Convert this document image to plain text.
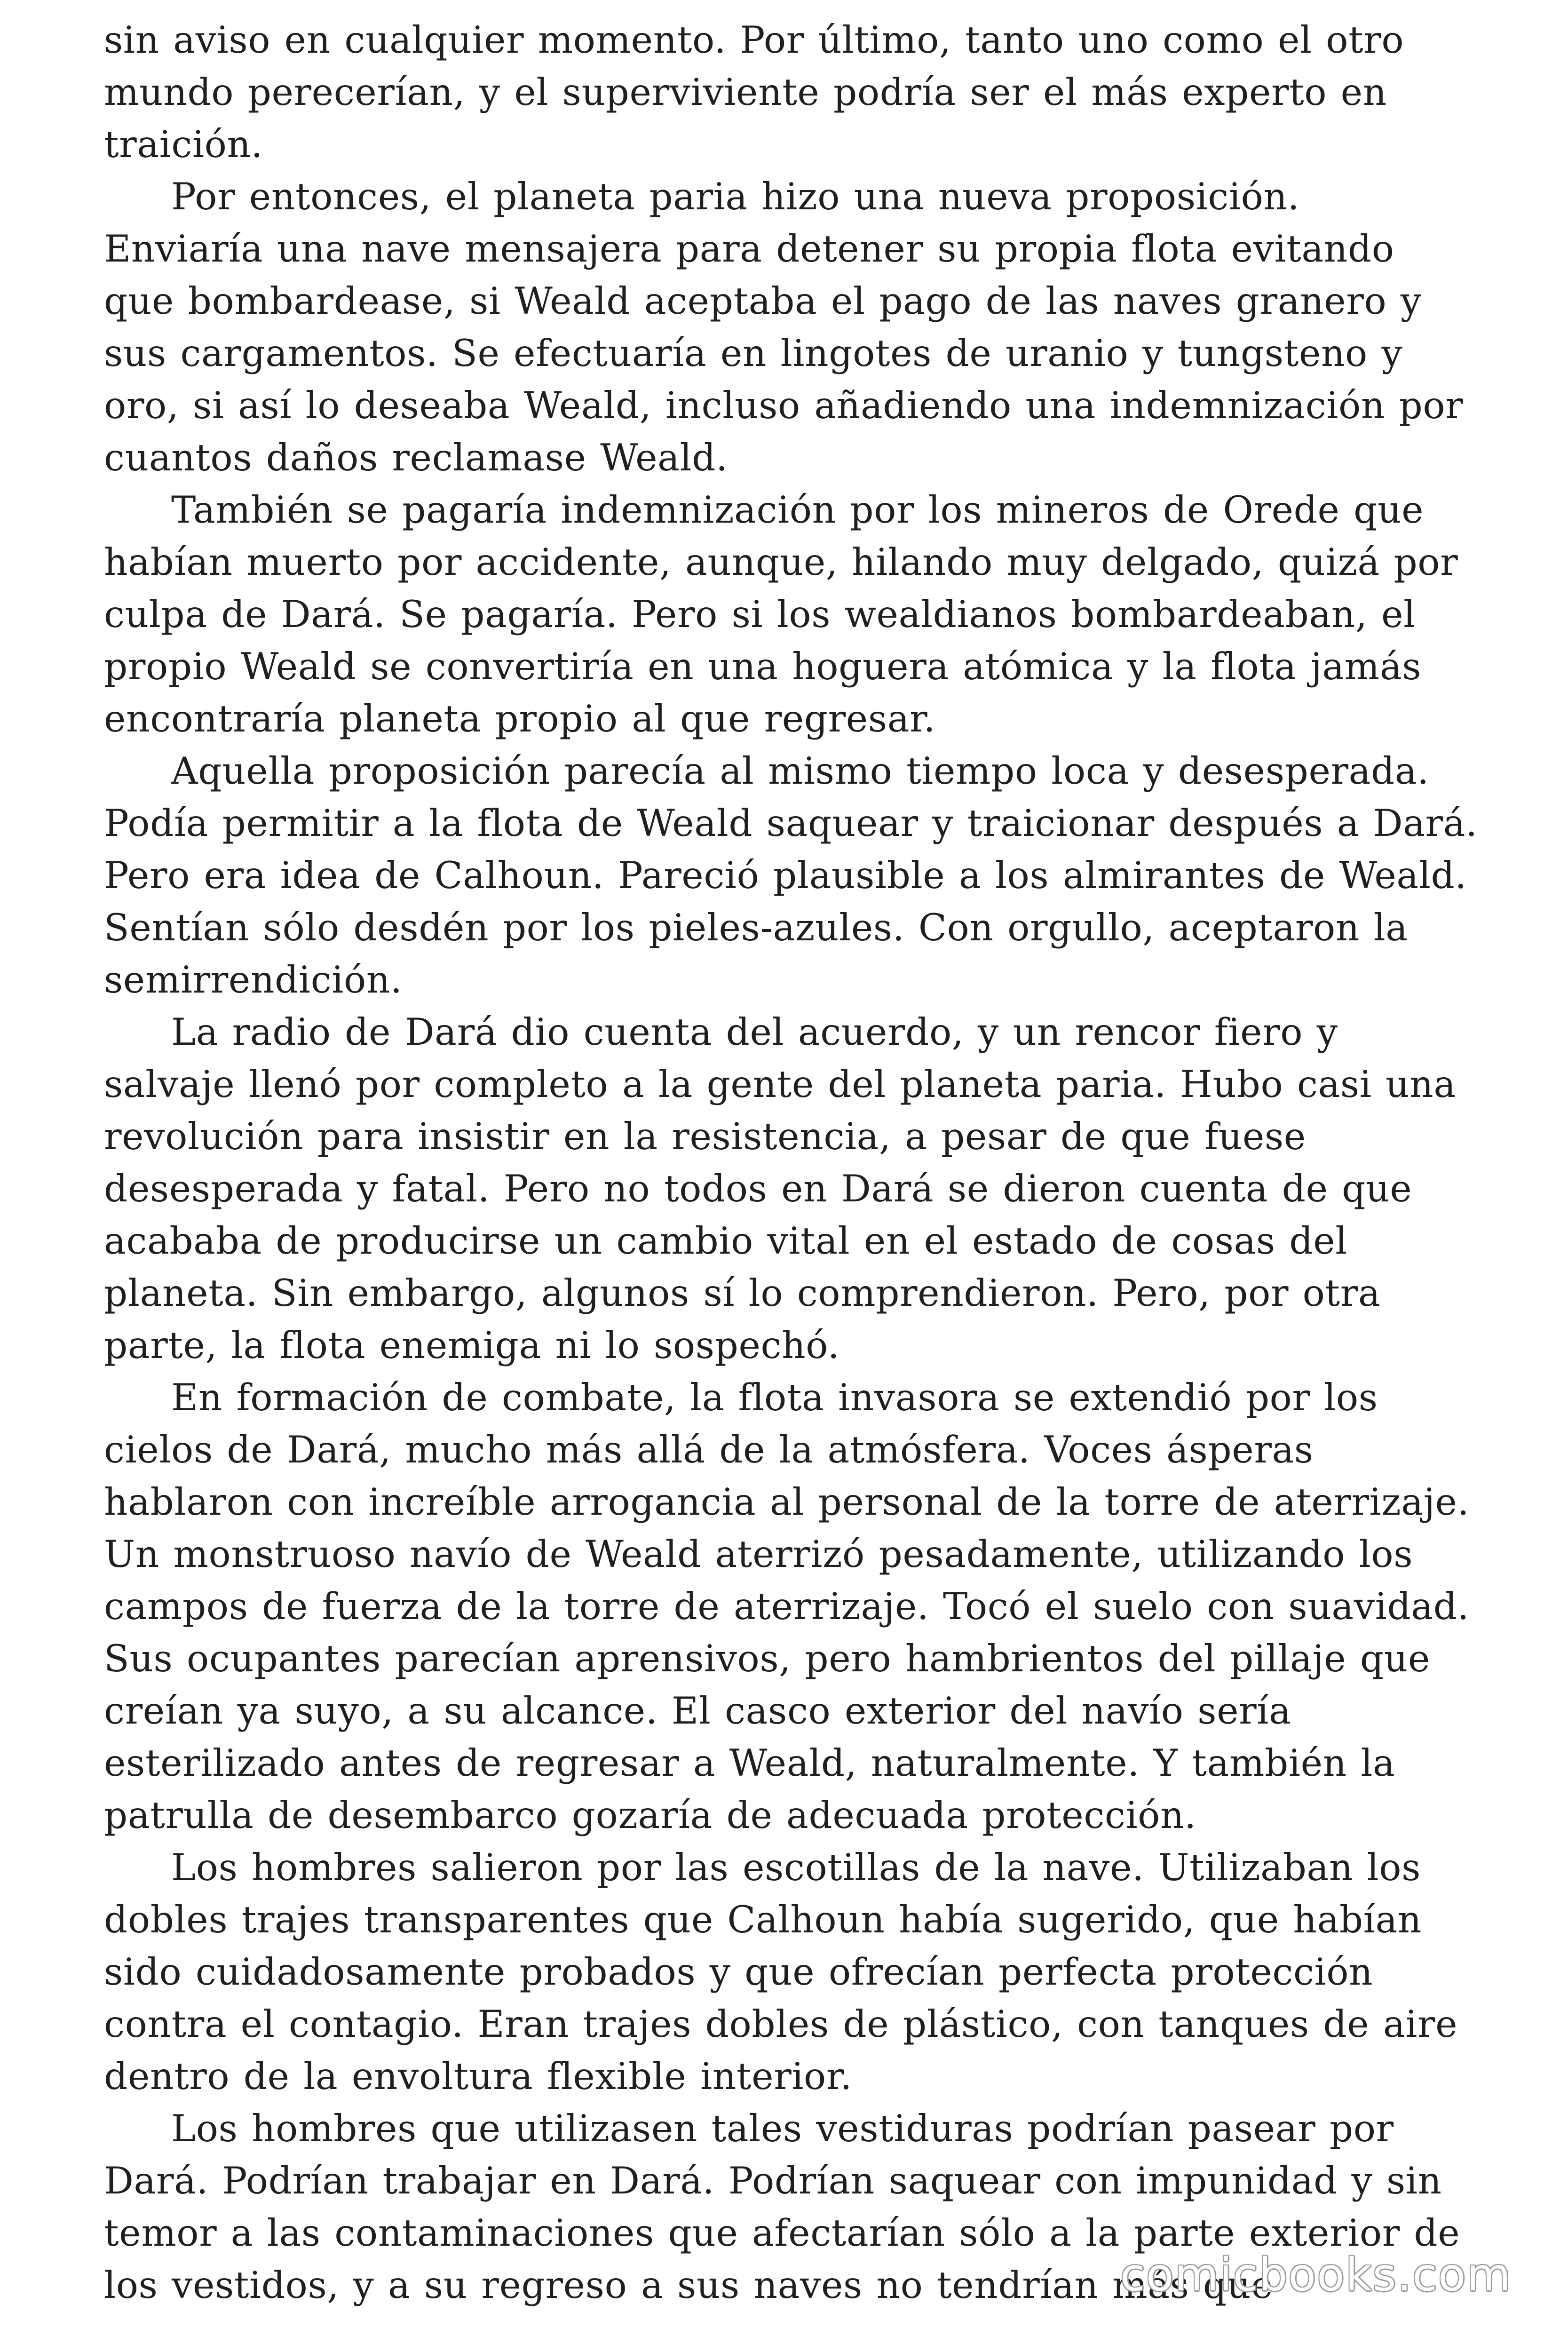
sin aviso en cualquier momento. Por último, tanto uno como el otro
mundo perecerían, y el superviviente podría ser el más experto en
traición.
Por entonces, el planeta paria hizo una nueva proposición.
Enviaría una nave mensajera para detener su propia flota evitando
que bombardease, si Weald aceptaba el pago de las naves granero y
sus cargamentos. Se efectuaría en lingotes de uranio y tungsteno y
oro, si así lo deseaba Weald, incluso añadiendo una indemnización por
cuantos daños reclamase Weald.
También se pagaría indemnización por los mineros de Orede que
habían muerto por accidente, aunque, hilando muy delgado, quizá por
culpa de Dará. Se pagaría. Pero si los wealdianos bombardeaban, el
propio Weald se convertiría en una hoguera atómica y la flota jamás
encontraría planeta propio al que regresar.
Aquella proposición parecía al mismo tiempo loca y desesperada.
Podía permitir a la flota de Weald saquear y traicionar después a Dará.
Pero era idea de Calhoun. Pareció plausible a los almirantes de Weald.
Sentían sólo desdén por los pieles-azules. Con orgullo, aceptaron la
semirrendición.
La radio de Dará dio cuenta del acuerdo, y un rencor fiero y
salvaje llenó por completo a la gente del planeta paria. Hubo casi una
revolución para insistir en la resistencia, a pesar de que fuese
desesperada y fatal. Pero no todos en Dará se dieron cuenta de que
acababa de producirse un cambio vital en el estado de cosas del
planeta. Sin embargo, algunos sí lo comprendieron. Pero, por otra
parte, la flota enemiga ni lo sospechó.
En formación de combate, la flota invasora se extendió por los
cielos de Dará, mucho más allá de la atmósfera. Voces ásperas
hablaron con increíble arrogancia al personal de la torre de aterrizaje.
Un monstruoso navío de Weald aterrizó pesadamente, utilizando los
campos de fuerza de la torre de aterrizaje. Tocó el suelo con suavidad.
Sus ocupantes parecían aprensivos, pero hambrientos del pillaje que
creían ya suyo, a su alcance. El casco exterior del navío sería
esterilizado antes de regresar a Weald, naturalmente. Y también la
patrulla de desembarco gozaría de adecuada protección.
Los hombres salieron por las escotillas de la nave. Utilizaban los
dobles trajes transparentes que Calhoun había sugerido, que habían
sido cuidadosamente probados y que ofrecían perfecta protección
contra el contagio. Eran trajes dobles de plástico, con tanques de aire
dentro de la envoltura flexible interior.
Los hombres que utilizasen tales vestiduras podrían pasear por
Dará. Podrían trabajar en Dará. Podrían saquear con impunidad y sin
temor a las contaminaciones que afectarían sólo a la parte exterior de
los vestidos, y a su regreso a sus naves no tendrían más que
comicbooks.com
